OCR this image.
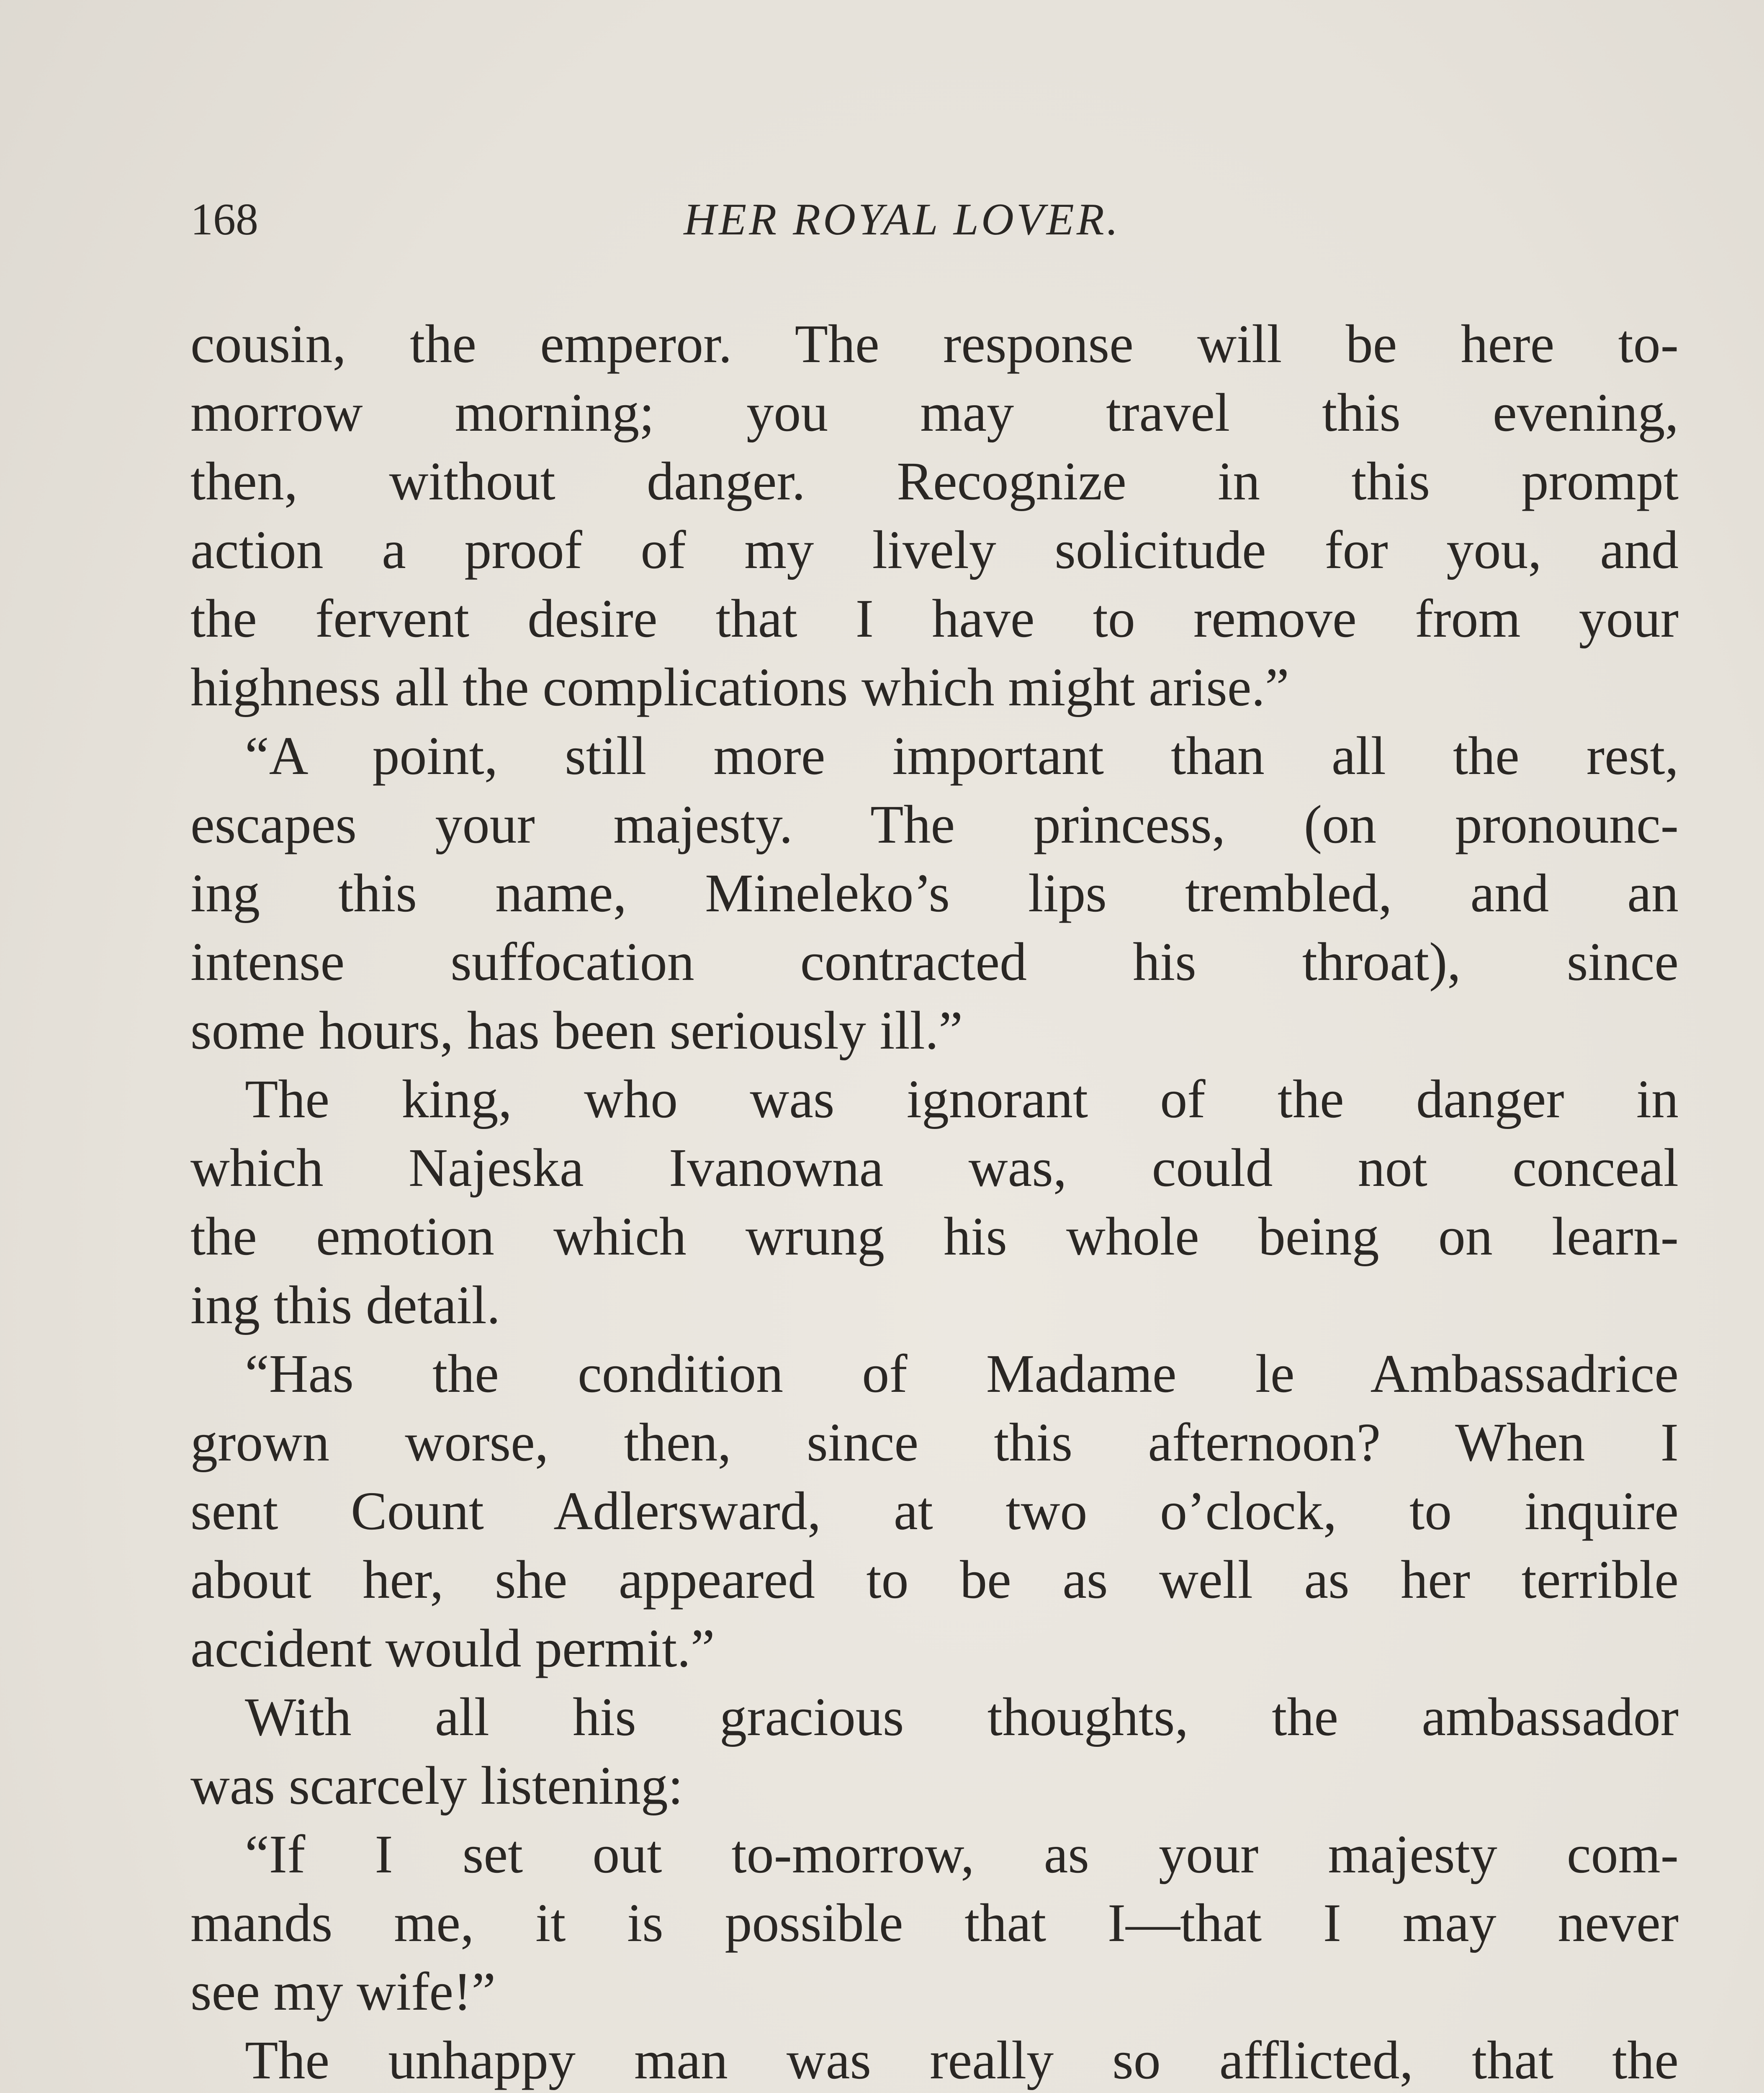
168	HER ROYAL LOVER.
cousin, the emperor. The response will be here to-
morrow morning; you may travel this evening,
then, without danger. Recognize in this prompt
action a proof of my lively solicitude for you, and
the fervent desire that I have to remove from your
highness all the complications which might arise.”
“A point, still more important than all the rest,
escapes your majesty. The princess, (on pronounc-
ing this name, Mineleko’s lips trembled, and an
intense suffocation contracted his throat), since
some hours, has been seriously ill.”
The king, who was ignorant of the danger in
which Najeska Ivanowna was, could not conceal
the emotion which wrung his whole being on learn-
ing this detail.
“Has the condition of Madame le Ambassadrice
grown worse, then, since this afternoon? When I
sent Count Adlersward, at two o’clock, to inquire
about her, she appeared to be as well as her terrible
accident would permit.”
With all his gracious thoughts, the ambassador
was scarcely listening:
“If I set out to-morrow, as your majesty com-
mands me, it is possible that I—that I may never
see my wife!”
The unhappy man was really so afflicted, that the
